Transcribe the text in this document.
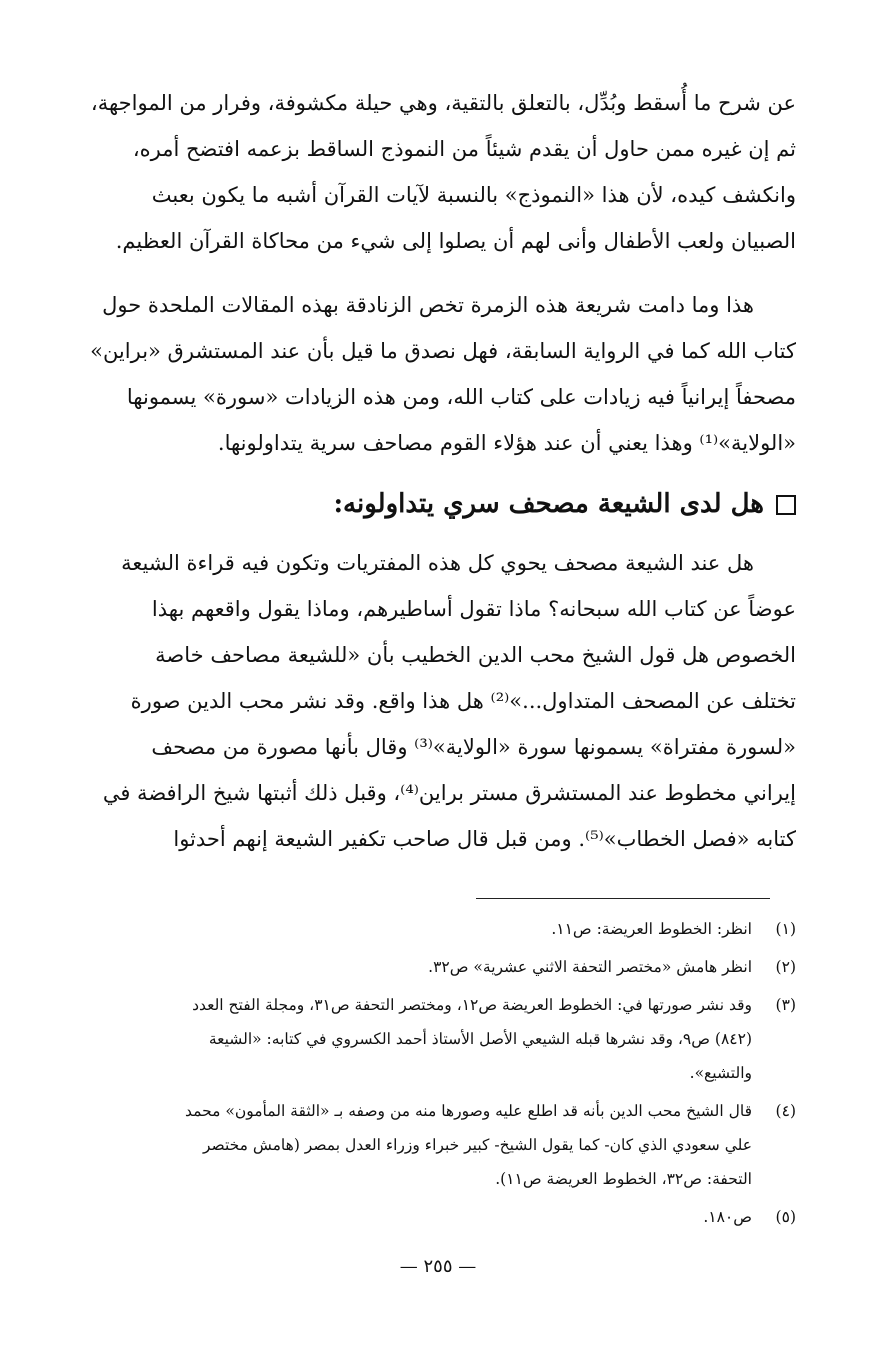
عن شرح ما أُسقط وبُدِّل، بالتعلق بالتقية، وهي حيلة مكشوفة، وفرار من المواجهة،
ثم إن غيره ممن حاول أن يقدم شيئاً من النموذج الساقط بزعمه افتضح أمره،
وانكشف كيده، لأن هذا «النموذج» بالنسبة لآيات القرآن أشبه ما يكون بعبث
الصبيان ولعب الأطفال وأنى لهم أن يصلوا إلى شيء من محاكاة القرآن العظيم.
هذا وما دامت شريعة هذه الزمرة تخص الزنادقة بهذه المقالات الملحدة حول
كتاب الله كما في الرواية السابقة، فهل نصدق ما قيل بأن عند المستشرق «براين»
مصحفاً إيرانياً فيه زيادات على كتاب الله، ومن هذه الزيادات «سورة» يسمونها
«الولاية»⁽¹⁾ وهذا يعني أن عند هؤلاء القوم مصاحف سرية يتداولونها.
هل لدى الشيعة مصحف سري يتداولونه:
هل عند الشيعة مصحف يحوي كل هذه المفتريات وتكون فيه قراءة الشيعة
عوضاً عن كتاب الله سبحانه؟ ماذا تقول أساطيرهم، وماذا يقول واقعهم بهذا
الخصوص هل قول الشيخ محب الدين الخطيب بأن «للشيعة مصاحف خاصة
تختلف عن المصحف المتداول...»⁽²⁾ هل هذا واقع. وقد نشر محب الدين صورة
«لسورة مفتراة» يسمونها سورة «الولاية»⁽³⁾ وقال بأنها مصورة من مصحف
إيراني مخطوط عند المستشرق مستر براين⁽⁴⁾، وقبل ذلك أثبتها شيخ الرافضة في
كتابه «فصل الخطاب»⁽⁵⁾. ومن قبل قال صاحب تكفير الشيعة إنهم أحدثوا
(١)
انظر: الخطوط العريضة: ص١١.
(٢)
انظر هامش «مختصر التحفة الاثني عشرية» ص٣٢.
(٣)
وقد نشر صورتها في: الخطوط العريضة ص١٢، ومختصر التحفة ص٣١، ومجلة الفتح العدد
(٨٤٢) ص٩، وقد نشرها قبله الشيعي الأصل الأستاذ أحمد الكسروي في كتابه: «الشيعة
والتشيع».
(٤)
قال الشيخ محب الدين بأنه قد اطلع عليه وصورها منه من وصفه بـ «الثقة المأمون» محمد
علي سعودي الذي كان- كما يقول الشيخ- كبير خبراء وزراء العدل بمصر (هامش مختصر
التحفة: ص٣٢، الخطوط العريضة ص١١).
(٥)
ص١٨٠.
— ٢٥٥ —
